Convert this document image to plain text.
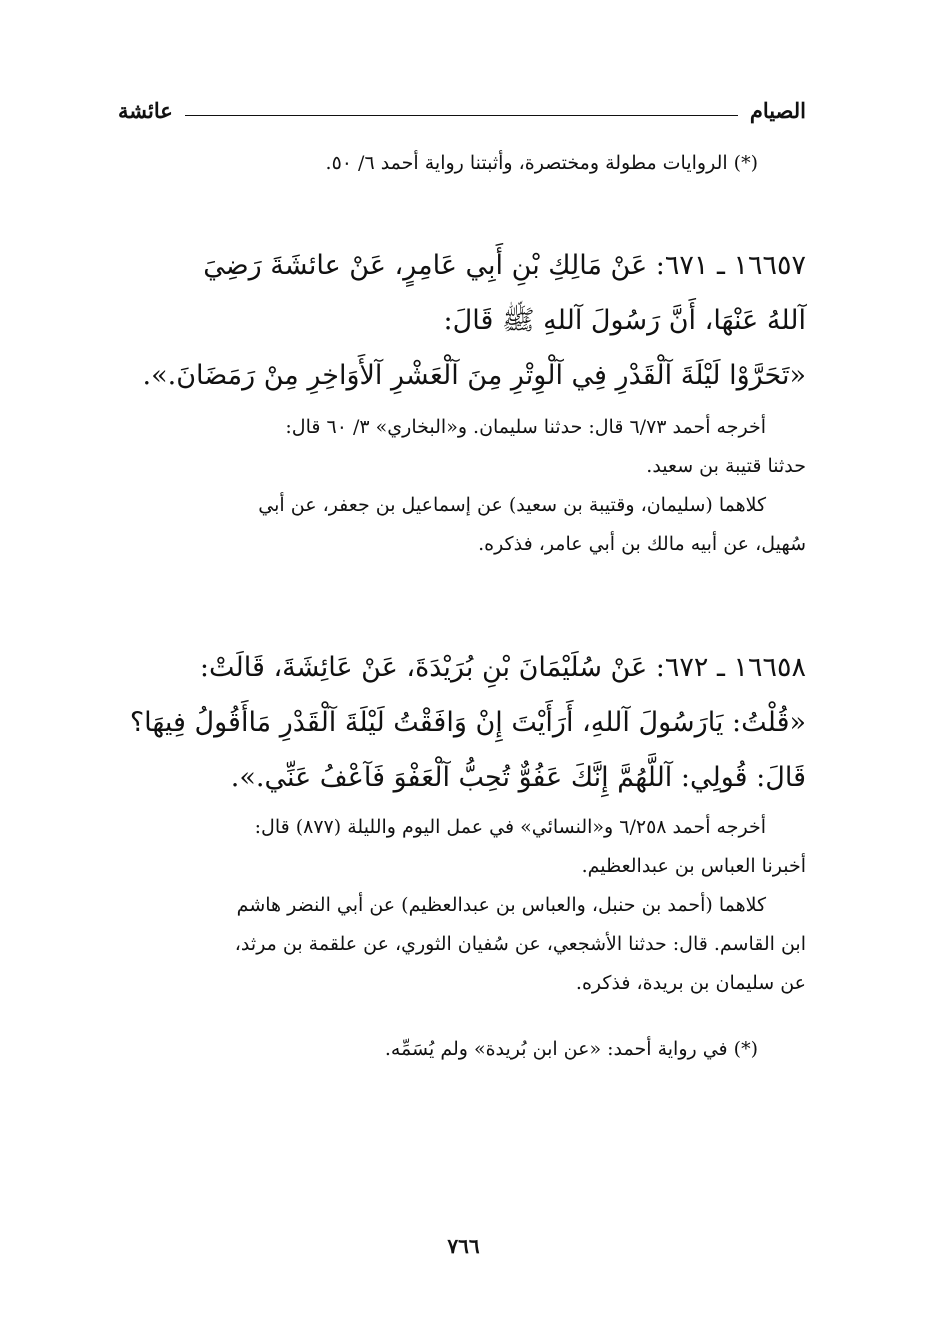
الصيام
عائشة
(*) الروايات مطولة ومختصرة، وأثبتنا رواية أحمد ٦/ ٥٠.
١٦٦٥٧ ـ ٦٧١: عَنْ مَالِكِ بْنِ أَبِي عَامِرٍ، عَنْ عائشَةَ رَضِيَ
آللهُ عَنْهَا، أَنَّ رَسُولَ آللهِ ﷺ قَالَ:
«تَحَرَّوْا لَيْلَةَ آلْقَدْرِ فِي آلْوِتْرِ مِنَ آلْعَشْرِ آلأَوَاخِرِ مِنْ رَمَضَانَ.».
أخرجه أحمد ٦/٧٣ قال: حدثنا سليمان. و«البخاري» ٣/ ٦٠ قال:
حدثنا قتيبة بن سعيد.
كلاهما (سليمان، وقتيبة بن سعيد) عن إسماعيل بن جعفر، عن أبي
سُهيل، عن أبيه مالك بن أبي عامر، فذكره.
١٦٦٥٨ ـ ٦٧٢: عَنْ سُلَيْمَانَ بْنِ بُرَيْدَةَ، عَنْ عَائِشَةَ، قَالَتْ:
«قُلْتُ: يَارَسُولَ آللهِ، أَرَأَيْتَ إِنْ وَافَقْتُ لَيْلَةَ آلْقَدْرِ مَاأَقُولُ فِيهَا؟
قَالَ: قُولِي: آللَّهُمَّ إِنَّكَ عَفُوٌّ تُحِبُّ آلْعَفْوَ فَآعْفُ عَنِّي.».
أخرجه أحمد ٦/٢٥٨ و«النسائي» في عمل اليوم والليلة (٨٧٧) قال:
أخبرنا العباس بن عبدالعظيم.
كلاهما (أحمد بن حنبل، والعباس بن عبدالعظيم) عن أبي النضر هاشم
ابن القاسم. قال: حدثنا الأشجعي، عن سُفيان الثوري، عن علقمة بن مرثد،
عن سليمان بن بريدة، فذكره.
(*) في رواية أحمد: «عن ابن بُريدة» ولم يُسَمِّه.
٧٦٦
